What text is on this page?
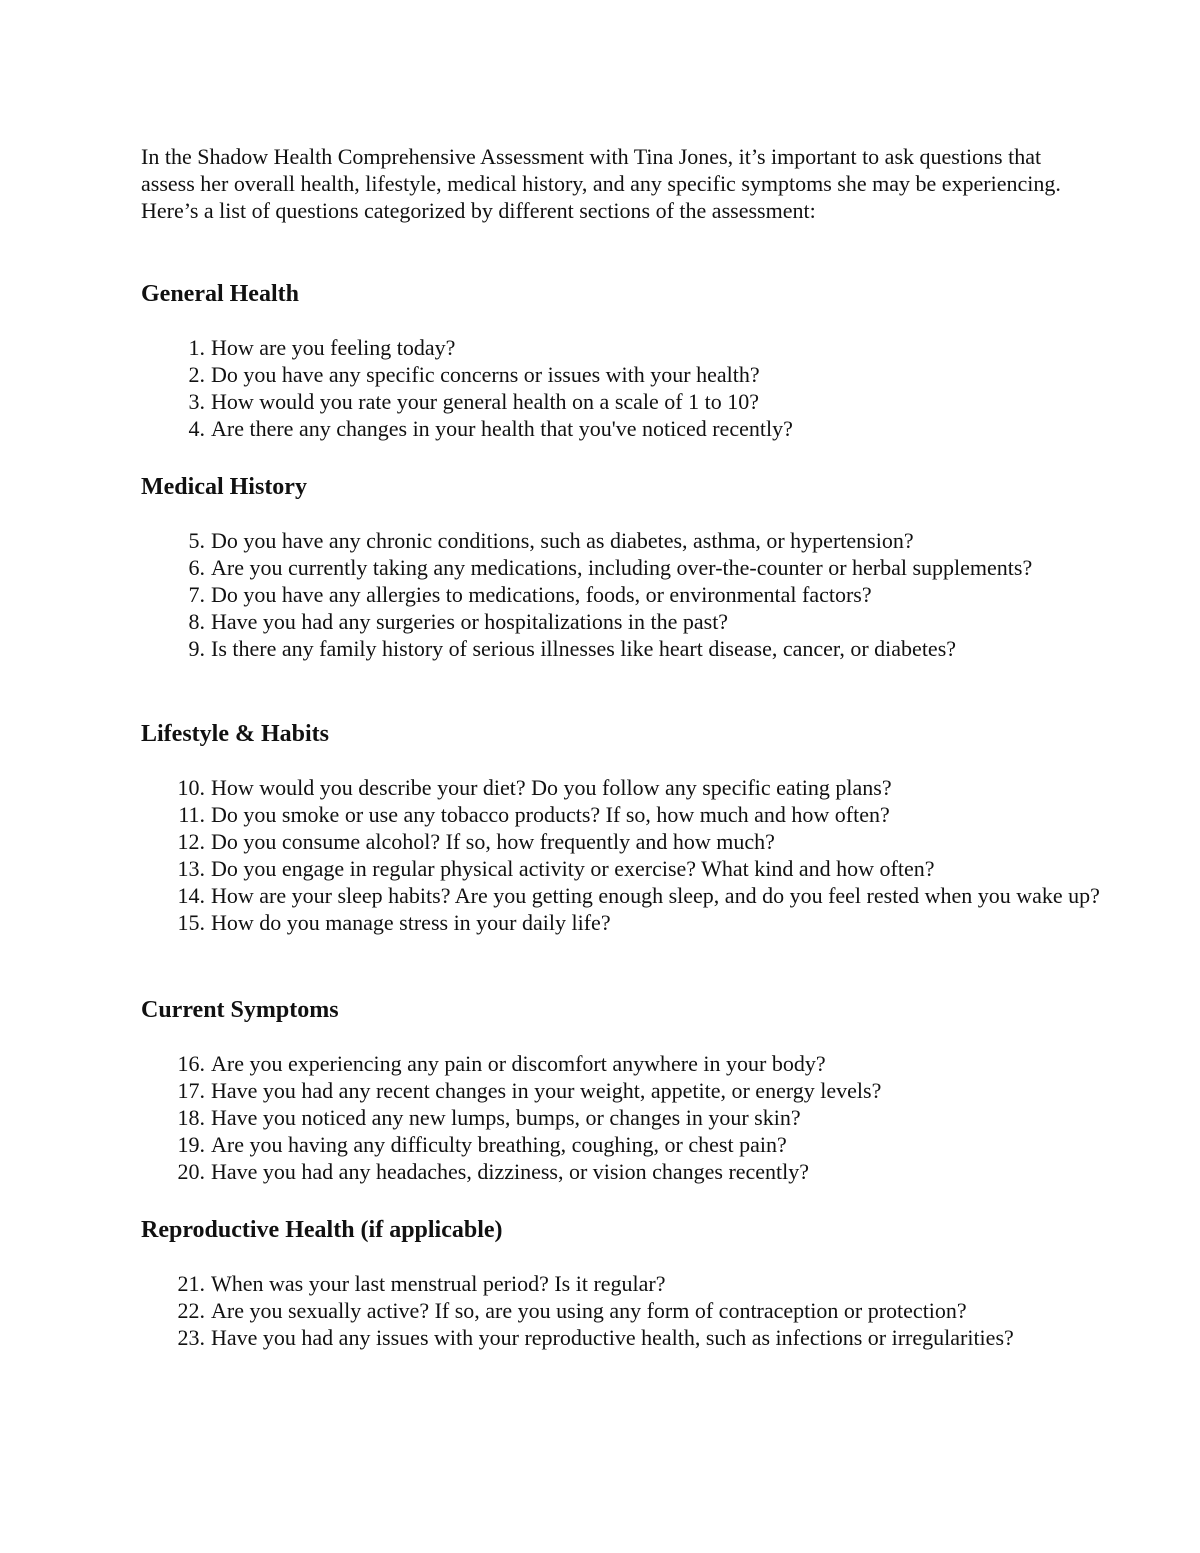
In the Shadow Health Comprehensive Assessment with Tina Jones, it’s important to ask questions that assess her overall health, lifestyle, medical history, and any specific symptoms she may be experiencing. Here’s a list of questions categorized by different sections of the assessment:

General Health
1. How are you feeling today?
2. Do you have any specific concerns or issues with your health?
3. How would you rate your general health on a scale of 1 to 10?
4. Are there any changes in your health that you've noticed recently?
Medical History
5. Do you have any chronic conditions, such as diabetes, asthma, or hypertension?
6. Are you currently taking any medications, including over-the-counter or herbal supplements?
7. Do you have any allergies to medications, foods, or environmental factors?
8. Have you had any surgeries or hospitalizations in the past?
9. Is there any family history of serious illnesses like heart disease, cancer, or diabetes?
Lifestyle & Habits
10. How would you describe your diet? Do you follow any specific eating plans?
11. Do you smoke or use any tobacco products? If so, how much and how often?
12. Do you consume alcohol? If so, how frequently and how much?
13. Do you engage in regular physical activity or exercise? What kind and how often?
14. How are your sleep habits? Are you getting enough sleep, and do you feel rested when you wake up?
15. How do you manage stress in your daily life?
Current Symptoms
16. Are you experiencing any pain or discomfort anywhere in your body?
17. Have you had any recent changes in your weight, appetite, or energy levels?
18. Have you noticed any new lumps, bumps, or changes in your skin?
19. Are you having any difficulty breathing, coughing, or chest pain?
20. Have you had any headaches, dizziness, or vision changes recently?
Reproductive Health (if applicable)
21. When was your last menstrual period? Is it regular?
22. Are you sexually active? If so, are you using any form of contraception or protection?
23. Have you had any issues with your reproductive health, such as infections or irregularities?
